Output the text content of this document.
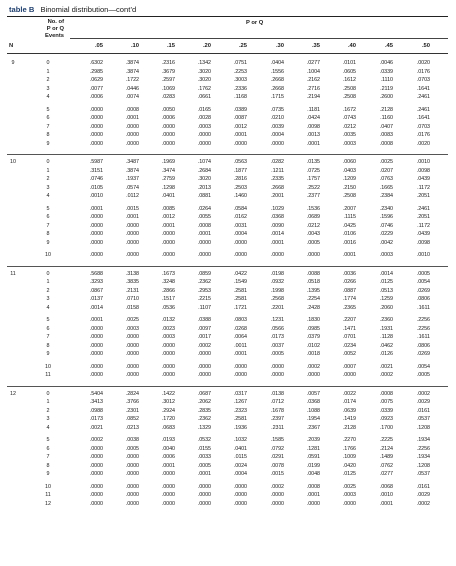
table B Binomial distribution—cont’d
No. of
P or Q
Events
N
P or Q
.05	.10	.15	.20	.25	.30	.35	.40	.45	.50
9	0	.6302	.3874	.2316	.1342	.0751	.0404	.0277	.0101	.0046	.0020
1	.2985	.3874	.3679	.3020	.2253	.1556	.1004	.0605	.0339	.0176
2	.0629	.1722	.2597	.3020	.3003	.2668	.2162	.1612	.1110	.0703
3	.0077	.0446	.1069	.1762	.2336	.2668	.2716	.2508	.2119	.1641
4	.0006	.0074	.0283	.0661	.1168	.1715	.2194	.2508	.2600	.2461
5	.0000	.0008	.0050	.0165	.0389	.0735	.1181	.1672	.2128	.2461
6	.0000	.0001	.0006	.0028	.0087	.0210	.0424	.0743	.1160	.1641
7	.0000	.0000	.0000	.0003	.0012	.0039	.0098	.0212	.0407	.0703
8	.0000	.0000	.0000	.0000	.0001	.0004	.0013	.0035	.0083	.0176
9	.0000	.0000	.0000	.0000	.0000	.0000	.0001	.0003	.0008	.0020
10	0	.5987	.3487	.1969	.1074	.0563	.0282	.0135	.0060	.0025	.0010
1	.3151	.3874	.3474	.2684	.1877	.1211	.0725	.0403	.0207	.0098
2	.0746	.1937	.2759	.3020	.2816	.2335	.1757	.1209	.0763	.0439
3	.0105	.0574	.1298	.2013	.2503	.2668	.2522	.2150	.1665	.1172
4	.0010	.0112	.0401	.0881	.1460	.2001	.2377	.2508	.2384	.2051
5	.0001	.0015	.0085	.0264	.0584	.1029	.1536	.2007	.2340	.2461
6	.0000	.0001	.0012	.0055	.0162	.0368	.0689	.1115	.1596	.2051
7	.0000	.0000	.0001	.0008	.0031	.0090	.0212	.0425	.0746	.1172
8	.0000	.0000	.0000	.0001	.0004	.0014	.0043	.0106	.0229	.0439
9	.0000	.0000	.0000	.0000	.0000	.0001	.0005	.0016	.0042	.0098
10	.0000	.0000	.0000	.0000	.0000	.0000	.0000	.0001	.0003	.0010
11	0	.5688	.3138	.1673	.0859	.0422	.0198	.0088	.0036	.0014	.0005
1	.3293	.3835	.3248	.2362	.1549	.0932	.0518	.0266	.0125	.0054
2	.0867	.2131	.2866	.2953	.2581	.1998	.1395	.0887	.0513	.0269
3	.0137	.0710	.1517	.2215	.2581	.2568	.2254	.1774	.1259	.0806
4	.0014	.0158	.0536	.1107	.1721	.2201	.2428	.2365	.2060	.1611
5	.0001	.0025	.0132	.0388	.0803	.1231	.1830	.2207	.2360	.2256
6	.0000	.0003	.0023	.0097	.0268	.0566	.0985	.1471	.1931	.2256
7	.0000	.0000	.0003	.0017	.0064	.0173	.0379	.0701	.1128	.1611
8	.0000	.0000	.0000	.0002	.0011	.0037	.0102	.0234	.0462	.0806
9	.0000	.0000	.0000	.0000	.0001	.0005	.0018	.0052	.0126	.0269
10	.0000	.0000	.0000	.0000	.0000	.0000	.0002	.0007	.0021	.0054
11	.0000	.0000	.0000	.0000	.0000	.0000	.0000	.0000	.0002	.0005
12	0	.5404	.2824	.1422	.0687	.0317	.0138	.0057	.0022	.0008	.0002
1	.3413	.3766	.3012	.2062	.1267	.0712	.0368	.0174	.0075	.0029
2	.0988	.2301	.2924	.2835	.2323	.1678	.1088	.0639	.0339	.0161
3	.0173	.0852	.1720	.2362	.2581	.2397	.1954	.1419	.0923	.0537
4	.0021	.0213	.0683	.1329	.1936	.2311	.2367	.2128	.1700	.1208
5	.0002	.0038	.0193	.0532	.1032	.1585	.2039	.2270	.2225	.1934
6	.0000	.0005	.0040	.0155	.0401	.0792	.1281	.1766	.2124	.2256
7	.0000	.0000	.0006	.0033	.0115	.0291	.0591	.1009	.1489	.1934
8	.0000	.0000	.0001	.0005	.0024	.0078	.0199	.0420	.0762	.1208
9	.0000	.0000	.0000	.0001	.0004	.0015	.0048	.0125	.0277	.0537
10	.0000	.0000	.0000	.0000	.0000	.0002	.0008	.0025	.0068	.0161
11	.0000	.0000	.0000	.0000	.0000	.0000	.0001	.0003	.0010	.0029
12	.0000	.0000	.0000	.0000	.0000	.0000	.0000	.0000	.0001	.0002
